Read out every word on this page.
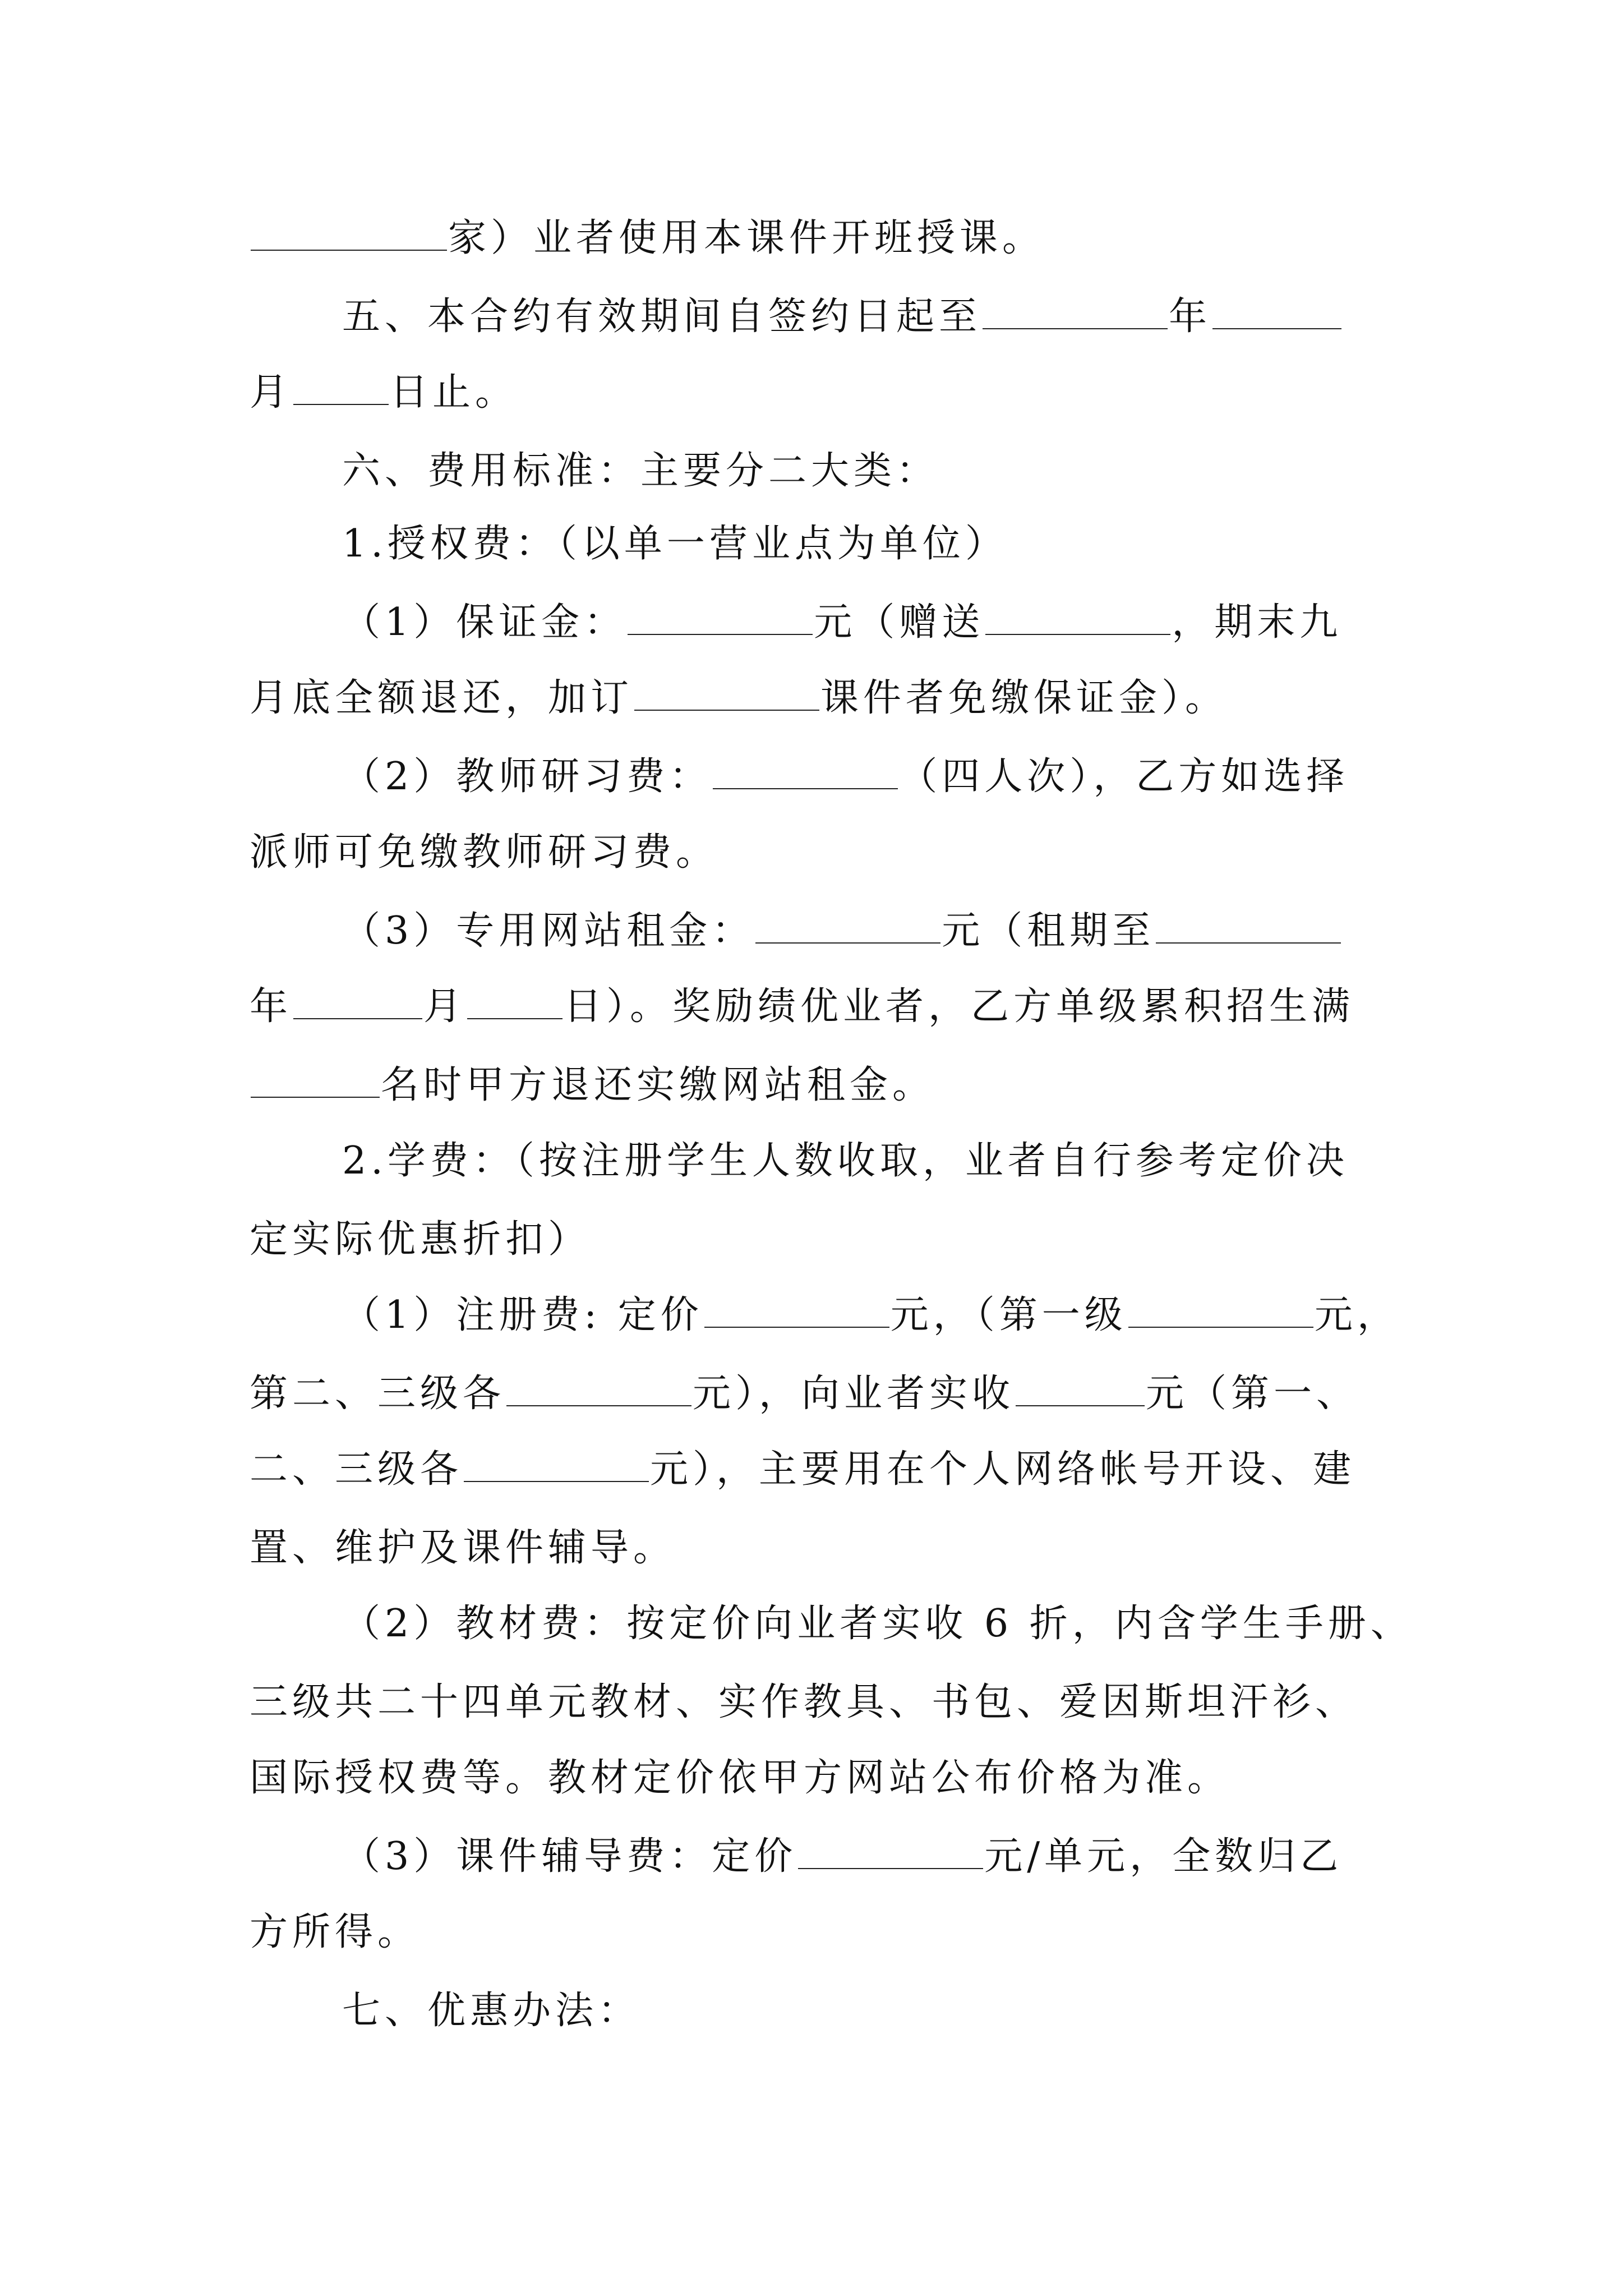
家）业者使用本课件开班授课。
五、本合约有效期间自签约日起至	年
月	日止。
六、费用标准：主要分二大类：
1.授权费：（以单一营业点为单位）
（1）保证金：	元（赠送	，期末九
月底全额退还，加订	课件者免缴保证金）。
（2）教师研习费：	（四人次），乙方如选择
派师可免缴教师研习费。
（3）专用网站租金：	元（租期至
年	月	日）。奖励绩优业者，乙方单级累积招生满
名时甲方退还实缴网站租金。
2.学费：（按注册学生人数收取，业者自行参考定价决
定实际优惠折扣）
（1）注册费: 定价	元，（第一级	元，
第二、三级各	元），向业者实收	元（第一、
二、三级各	元），主要用在个人网络帐号开设、建
置、维护及课件辅导。
（2）教材费：按定价向业者实收 6 折，内含学生手册、
三级共二十四单元教材、实作教具、书包、爱因斯坦汗衫、
国际授权费等。教材定价依甲方网站公布价格为准。
（3）课件辅导费：定价	元/单元，全数归乙
方所得。
七、优惠办法：
